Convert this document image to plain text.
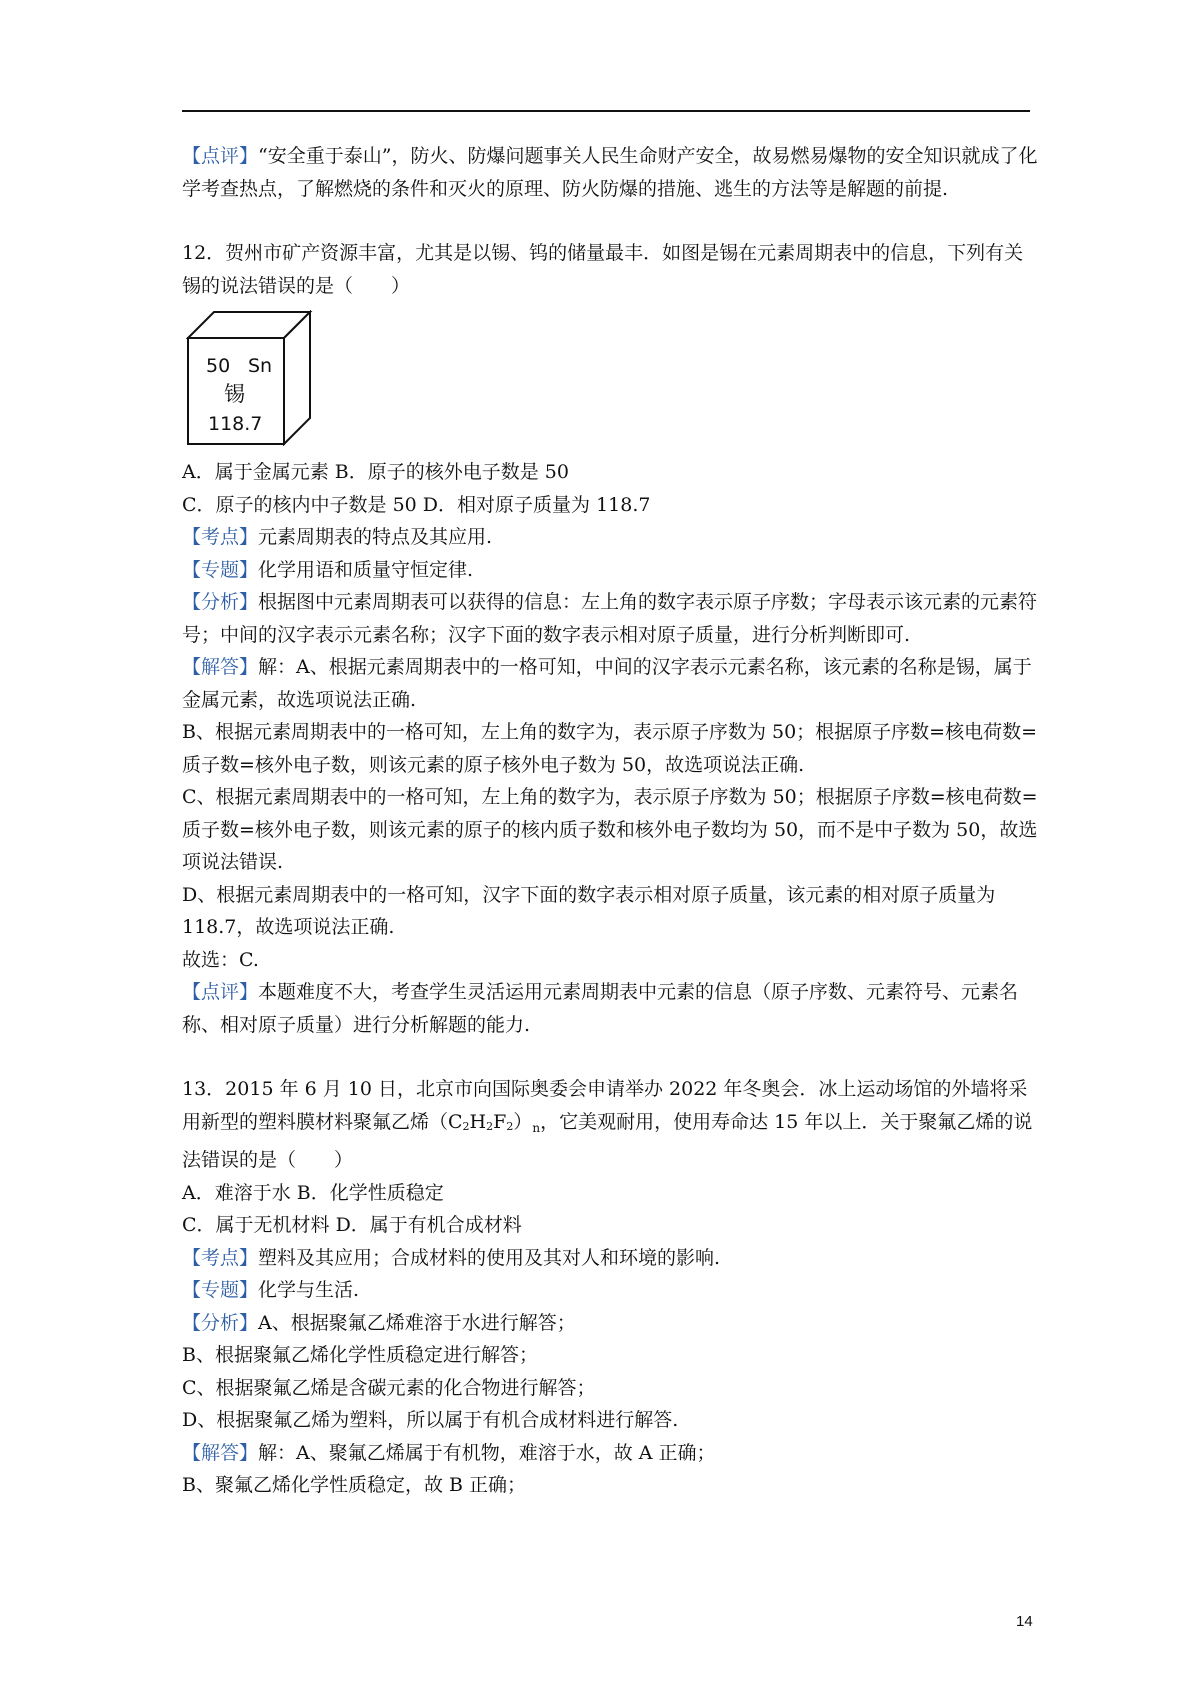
【点评】“安全重于泰山”，防火、防爆问题事关人民生命财产安全，故易燃易爆物的安全知识就成了化学考查热点，了解燃烧的条件和灭火的原理、防火防爆的措施、逃生的方法等是解题的前提.

12．贺州市矿产资源丰富，尤其是以锡、钨的储量最丰．如图是锡在元素周期表中的信息，下列有关锡的说法错误的是（　　）

50 Sn
锡
118.7

A．属于金属元素 B．原子的核外电子数是 50

C．原子的核内中子数是 50 D．相对原子质量为 118.7

【考点】元素周期表的特点及其应用.

【专题】化学用语和质量守恒定律.

【分析】根据图中元素周期表可以获得的信息：左上角的数字表示原子序数；字母表示该元素的元素符号；中间的汉字表示元素名称；汉字下面的数字表示相对原子质量，进行分析判断即可.

【解答】解：A、根据元素周期表中的一格可知，中间的汉字表示元素名称，该元素的名称是锡，属于金属元素，故选项说法正确.

B、根据元素周期表中的一格可知，左上角的数字为，表示原子序数为 50；根据原子序数=核电荷数=质子数=核外电子数，则该元素的原子核外电子数为 50，故选项说法正确.

C、根据元素周期表中的一格可知，左上角的数字为，表示原子序数为 50；根据原子序数=核电荷数=质子数=核外电子数，则该元素的原子的核内质子数和核外电子数均为 50，而不是中子数为 50，故选项说法错误.

D、根据元素周期表中的一格可知，汉字下面的数字表示相对原子质量，该元素的相对原子质量为 118.7，故选项说法正确.

故选：C.

【点评】本题难度不大，考查学生灵活运用元素周期表中元素的信息（原子序数、元素符号、元素名称、相对原子质量）进行分析解题的能力.

13．2015 年 6 月 10 日，北京市向国际奥委会申请举办 2022 年冬奥会．冰上运动场馆的外墙将采用新型的塑料膜材料聚氟乙烯$(C2H2F2)_n$，它美观耐用，使用寿命达 15 年以上．关于聚氟乙烯的说法错误的是（　　）

A．难溶于水 B．化学性质稳定

C．属于无机材料 D．属于有机合成材料

【考点】塑料及其应用；合成材料的使用及其对人和环境的影响.

【专题】化学与生活.

【分析】A、根据聚氟乙烯难溶于水进行解答；

B、根据聚氟乙烯化学性质稳定进行解答；

C、根据聚氟乙烯是含碳元素的化合物进行解答；

D、根据聚氟乙烯为塑料，所以属于有机合成材料进行解答.

【解答】解：A、聚氟乙烯属于有机物，难溶于水，故 A 正确；

B、聚氟乙烯化学性质稳定，故 B 正确；

14
